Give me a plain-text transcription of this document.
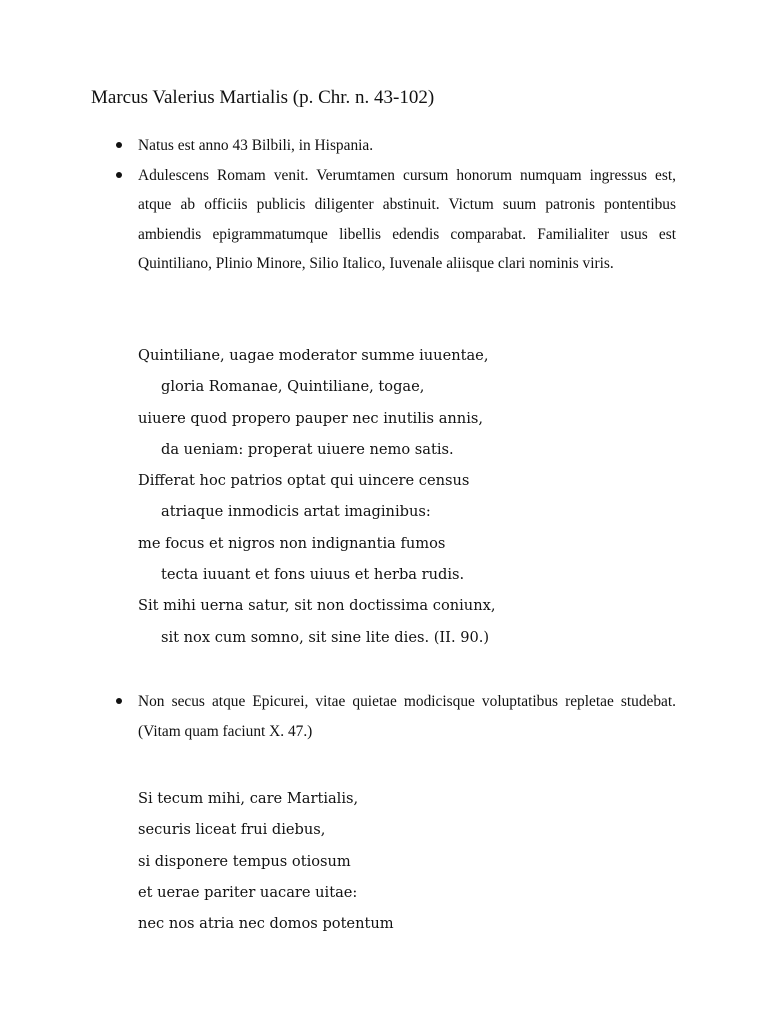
Marcus Valerius Martialis (p. Chr. n. 43-102)

Natus est anno 43 Bilbili, in Hispania.

Adulescens Romam venit. Verumtamen cursum honorum numquam ingressus est, atque ab officiis publicis diligenter abstinuit. Victum suum patronis pontentibus ambiendis epigrammatumque libellis edendis comparabat. Familialiter usus est Quintiliano, Plinio Minore, Silio Italico, Iuvenale aliisque clari nominis viris.

Quintiliane, uagae moderator summe iuuentae,
gloria Romanae, Quintiliane, togae,
uiuere quod propero pauper nec inutilis annis,
da ueniam: properat uiuere nemo satis.
Differat hoc patrios optat qui uincere census
atriaque inmodicis artat imaginibus:
me focus et nigros non indignantia fumos
tecta iuuant et fons uiuus et herba rudis.
Sit mihi uerna satur, sit non doctissima coniunx,
sit nox cum somno, sit sine lite dies. (II. 90.)

Non secus atque Epicurei, vitae quietae modicisque voluptatibus repletae studebat. (Vitam quam faciunt X. 47.)

Si tecum mihi, care Martialis,
securis liceat frui diebus,
si disponere tempus otiosum
et uerae pariter uacare uitae:
nec nos atria nec domos potentum
